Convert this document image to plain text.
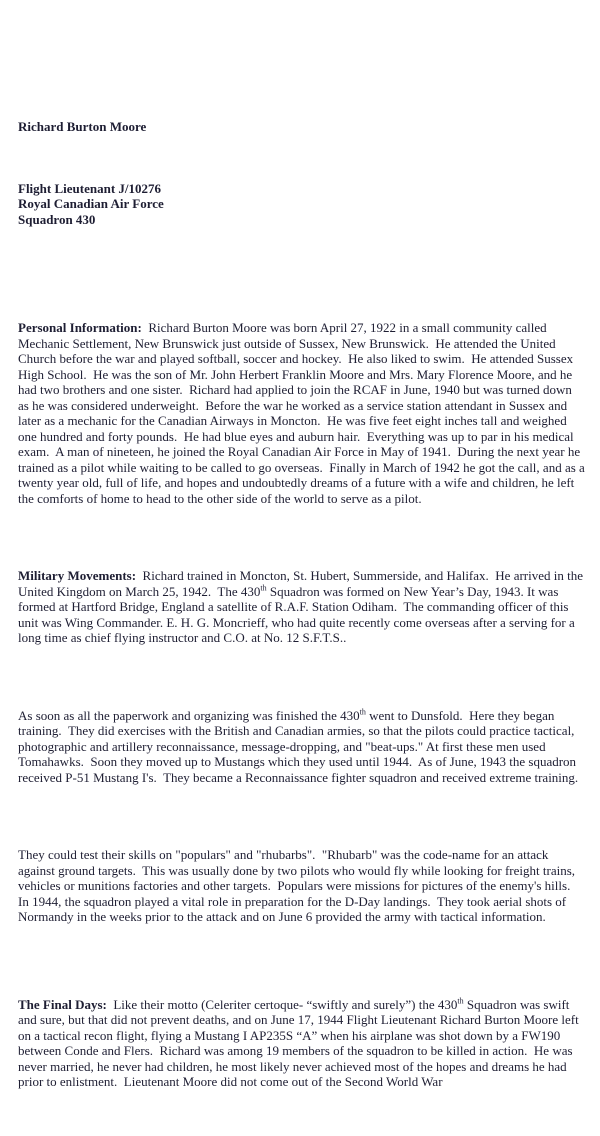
Richard Burton Moore

Flight Lieutenant J/10276
Royal Canadian Air Force
Squadron 430

Personal Information:  Richard Burton Moore was born April 27, 1922 in a small community called Mechanic Settlement, New Brunswick just outside of Sussex, New Brunswick.  He attended the United Church before the war and played softball, soccer and hockey.  He also liked to swim.  He attended Sussex High School.  He was the son of Mr. John Herbert Franklin Moore and Mrs. Mary Florence Moore, and he had two brothers and one sister.  Richard had applied to join the RCAF in June, 1940 but was turned down as he was considered underweight.  Before the war he worked as a service station attendant in Sussex and later as a mechanic for the Canadian Airways in Moncton.  He was five feet eight inches tall and weighed one hundred and forty pounds.  He had blue eyes and auburn hair.  Everything was up to par in his medical exam.  A man of nineteen, he joined the Royal Canadian Air Force in May of 1941.  During the next year he trained as a pilot while waiting to be called to go overseas.  Finally in March of 1942 he got the call, and as a twenty year old, full of life, and hopes and undoubtedly dreams of a future with a wife and children, he left the comforts of home to head to the other side of the world to serve as a pilot.

Military Movements:  Richard trained in Moncton, St. Hubert, Summerside, and Halifax.  He arrived in the United Kingdom on March 25, 1942.  The 430th Squadron was formed on New Year’s Day, 1943. It was formed at Hartford Bridge, England a satellite of R.A.F. Station Odiham.  The commanding officer of this unit was Wing Commander. E. H. G. Moncrieff, who had quite recently come overseas after a serving for a long time as chief flying instructor and C.O. at No. 12 S.F.T.S..

As soon as all the paperwork and organizing was finished the 430th went to Dunsfold.  Here they began training.  They did exercises with the British and Canadian armies, so that the pilots could practice tactical, photographic and artillery reconnaissance, message-dropping, and "beat-ups." At first these men used Tomahawks.  Soon they moved up to Mustangs which they used until 1944.  As of June, 1943 the squadron received P-51 Mustang I's.  They became a Reconnaissance fighter squadron and received extreme training.

They could test their skills on "populars" and "rhubarbs".  "Rhubarb" was the code-name for an attack against ground targets.  This was usually done by two pilots who would fly while looking for freight trains, vehicles or munitions factories and other targets.  Populars were missions for pictures of the enemy's hills.  In 1944, the squadron played a vital role in preparation for the D-Day landings.  They took aerial shots of Normandy in the weeks prior to the attack and on June 6 provided the army with tactical information.

The Final Days:  Like their motto (Celeriter certoque- “swiftly and surely”) the 430th Squadron was swift and sure, but that did not prevent deaths, and on June 17, 1944 Flight Lieutenant Richard Burton Moore left on a tactical recon flight, flying a Mustang I AP235S “A” when his airplane was shot down by a FW190 between Conde and Flers.  Richard was among 19 members of the squadron to be killed in action.  He was never married, he never had children, he most likely never achieved most of the hopes and dreams he had prior to enlistment.  Lieutenant Moore did not come out of the Second World War
